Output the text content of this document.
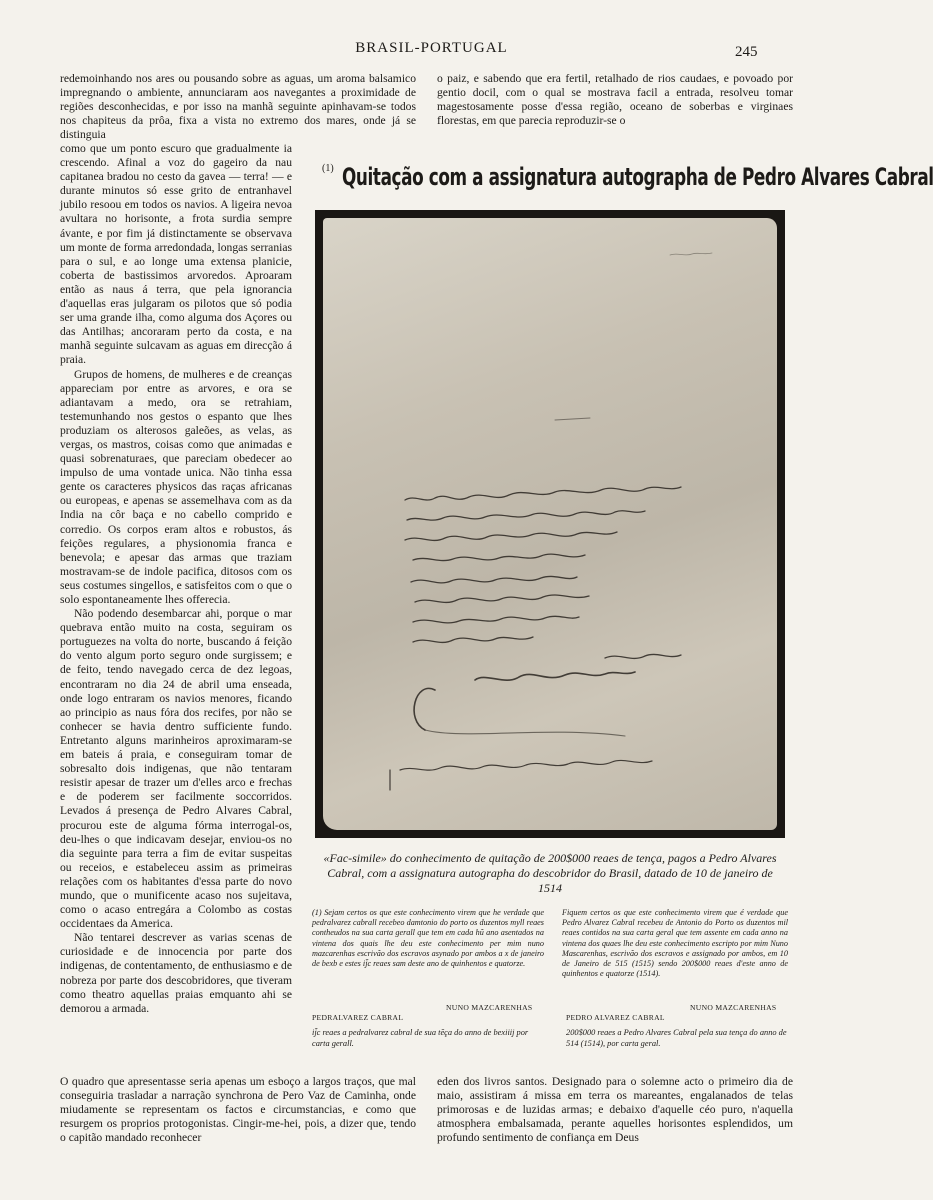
BRASIL-PORTUGAL	245

redemoinhando nos ares ou pousando sobre as aguas, um aroma balsamico impregnando o ambiente, annunciaram aos navegantes a proximidade de regiões desconhecidas, e por isso na manhã seguinte apinhavam-se todos nos chapiteus da prôa, fixa a vista no extremo dos mares, onde já se distinguia

o paiz, e sabendo que era fertil, retalhado de rios caudaes, e povoado por gentio docil, com o qual se mostrava facil a entrada, resolveu tomar magestosamente posse d'essa região, oceano de soberbas e virginaes florestas, em que parecia reproduzir-se o

como que um ponto escuro que gradualmente ia crescendo. Afinal a voz do gageiro da nau capitanea bradou no cesto da gavea — terra! — e durante minutos só esse grito de entranhavel jubilo resoou em todos os navios. A ligeira nevoa avultara no horisonte, a frota surdia sempre ávante, e por fim já distinctamente se observava um monte de forma arredondada, longas serranias para o sul, e ao longe uma extensa planicie, coberta de bastissimos arvoredos. Aproaram então as naus á terra, que pela ignorancia d'aquellas eras julgaram os pilotos que só podia ser uma grande ilha, como alguma dos Açores ou das Antilhas; ancoraram perto da costa, e na manhã seguinte sulcavam as aguas em direcção á praia.

Grupos de homens, de mulheres e de creanças appareciam por entre as arvores, e ora se adiantavam a medo, ora se retrahiam, testemunhando nos gestos o espanto que lhes produziam os alterosos galeões, as velas, as vergas, os mastros, coisas como que animadas e quasi sobrenaturaes, que pareciam obedecer ao impulso de uma vontade unica. Não tinha essa gente os caracteres physicos das raças africanas ou europeas, e apenas se assemelhava com as da India na côr baça e no cabello comprido e corredio. Os corpos eram altos e robustos, ás feições regulares, a physionomia franca e benevola; e apesar das armas que traziam mostravam-se de indole pacifica, ditosos com os seus costumes singellos, e satisfeitos com o que o solo espontaneamente lhes offerecia.

Não podendo desembarcar ahi, porque o mar quebrava então muito na costa, seguiram os portuguezes na volta do norte, buscando á feição do vento algum porto seguro onde surgissem; e de feito, tendo navegado cerca de dez legoas, encontraram no dia 24 de abril uma enseada, onde logo entraram os navios menores, ficando ao principio as naus fóra dos recifes, por não se conhecer se havia dentro sufficiente fundo. Entretanto alguns marinheiros aproximaram-se em bateis á praia, e conseguiram tomar de sobresalto dois indigenas, que não tentaram resistir apesar de trazer um d'elles arco e frechas e de poderem ser facilmente soccorridos. Levados á presença de Pedro Alvares Cabral, procurou este de alguma fórma interrogal-os, deu-lhes o que indicavam desejar, enviou-os no dia seguinte para terra a fim de evitar suspeitas ou receios, e estabeleceu assim as primeiras relações com os habitantes d'essa parte do novo mundo, que o munificente acaso nos sujeitava, como o acaso entregára a Colombo as costas occidentaes da America.

Não tentarei descrever as varias scenas de curiosidade e de innocencia por parte dos indigenas, de contentamento, de enthusiasmo e de nobreza por parte dos descobridores, que tiveram como theatro aquellas praias emquanto ahi se demorou a armada.

(1) Quitação com a assignatura autographa de Pedro Alvares Cabral
«Fac-simile» do conhecimento de quitação de 200$000 reaes de tença, pagos a Pedro Alvares Cabral, com a assignatura autographa do descobridor do Brasil, datado de 10 de janeiro de 1514
(1) Sejam certos os que este conhecimento virem que he verdade que pedralvarez cabrall recebeo damtonio do porto os duzentos myll reaes contheudos na sua carta gerall que tem em cada hũ ano asentados na vintena dos quais lhe deu este conhecimento per mim nuno mazcarenhas escrivão dos escravos asynado por ambos a x de janeiro de bexb e estes ij̃c reaes sam deste ano de quinhentos e quatorze.
Fiquem certos os que este conhecimento virem que é verdade que Pedro Alvarez Cabral recebeu de Antonio do Porto os duzentos mil reaes contidos na sua carta geral que tem assente em cada anno na vintena dos quaes lhe deu este conhecimento escripto por mim Nuno Mascarenhas, escrivão dos escravos e assignado por ambos, em 10 de Janeiro de 515 (1515) sendo 200$000 reaes d'este anno de quinhentos e quatorze (1514).
PEDRALVAREZ CABRAL
NUNO MAZCARENHAS
PEDRO ALVAREZ CABRAL
NUNO MAZCARENHAS
ij̃c reaes a pedralvarez cabral de sua tẽça do anno de bexiiij por carta gerall.
200$000 reaes a Pedro Alvares Cabral pela sua tença do anno de 514 (1514), por carta geral.

O quadro que apresentasse seria apenas um esboço a largos traços, que mal conseguiria trasladar a narração synchrona de Pero Vaz de Caminha, onde miudamente se representam os factos e circumstancias, e como que resurgem os proprios protogonistas. Cingir-me-hei, pois, a dizer que, tendo o capitão mandado reconhecer

eden dos livros santos. Designado para o solemne acto o primeiro dia de maio, assistiram á missa em terra os mareantes, engalanados de telas primorosas e de luzidas armas; e debaixo d'aquelle céo puro, n'aquella atmosphera embalsamada, perante aquelles horisontes esplendidos, um profundo sentimento de confiança em Deus
